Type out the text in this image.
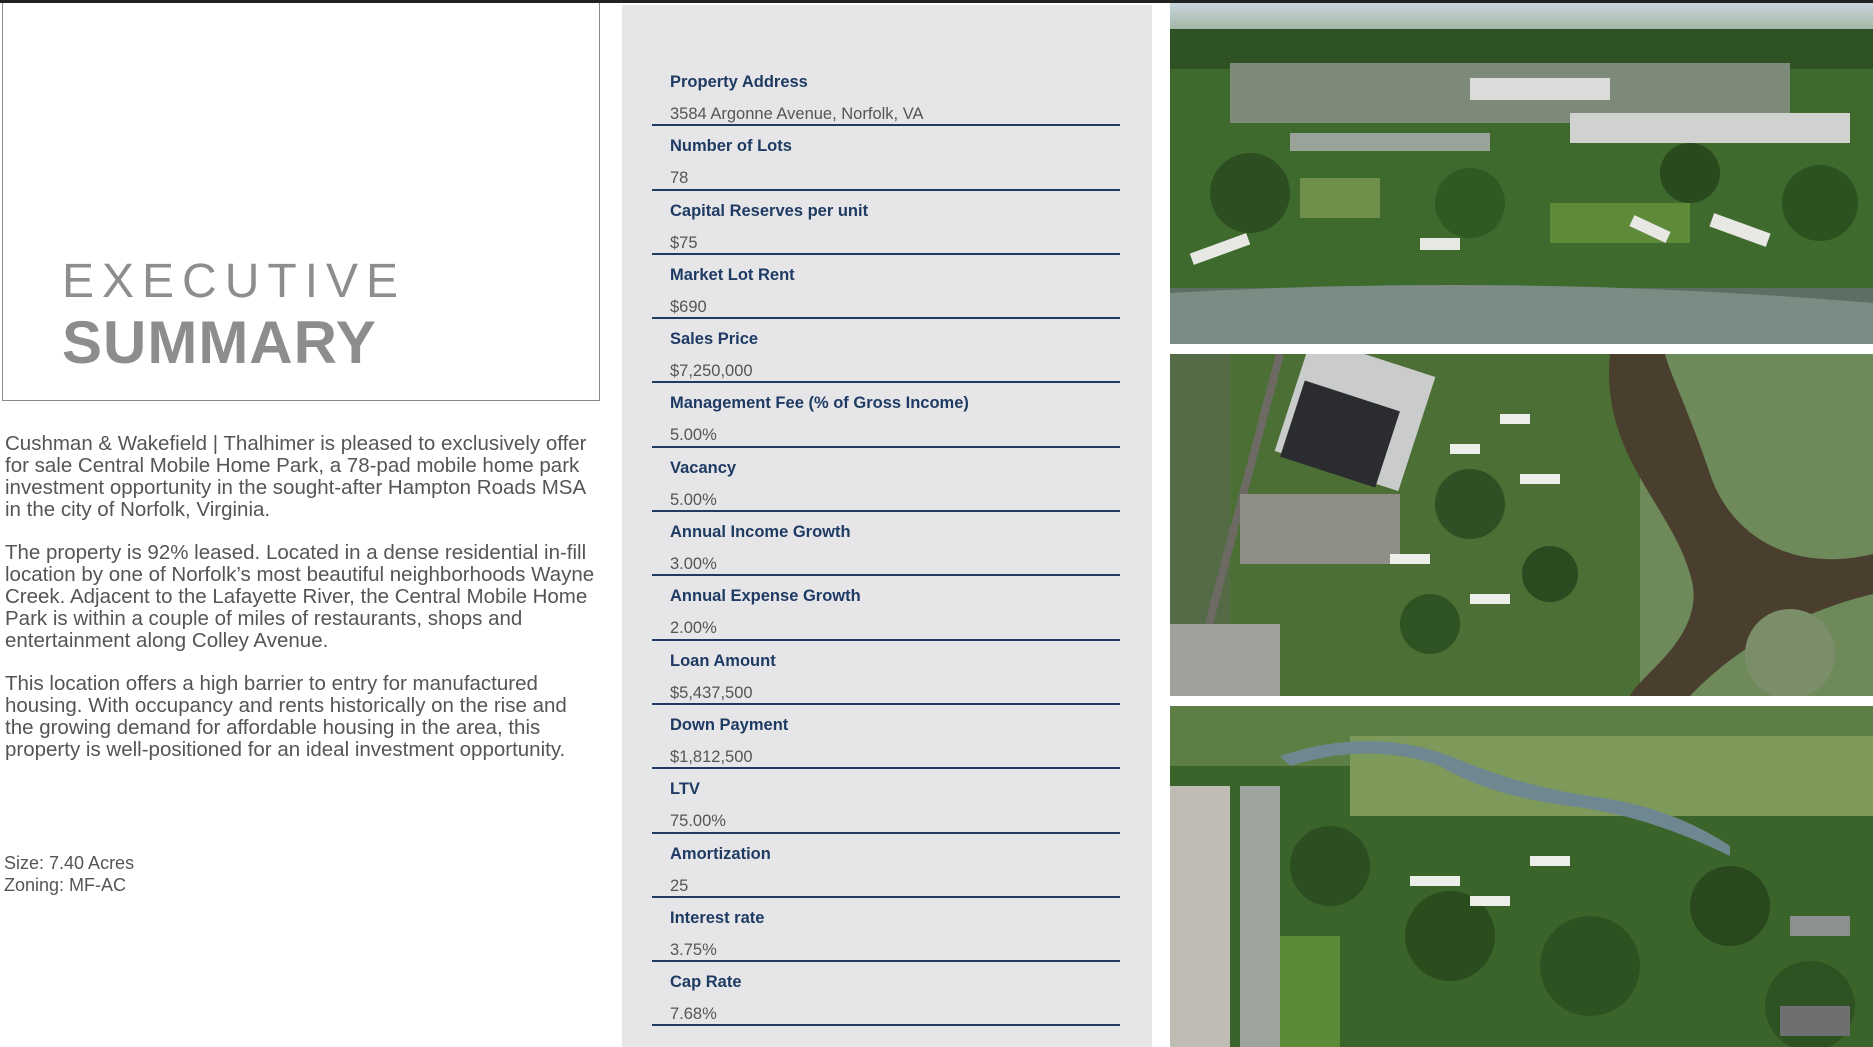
EXECUTIVE
SUMMARY

Cushman & Wakefield | Thalhimer is pleased to exclusively offer for sale Central Mobile Home Park, a 78-pad mobile home park investment opportunity in the sought-after Hampton Roads MSA in the city of Norfolk, Virginia.

The property is 92% leased. Located in a dense residential in-fill location by one of Norfolk’s most beautiful neighborhoods Wayne Creek. Adjacent to the Lafayette River, the Central Mobile Home Park is within a couple of miles of restaurants, shops and entertainment along Colley Avenue.

This location offers a high barrier to entry for manufactured housing. With occupancy and rents historically on the rise and the growing demand for affordable housing in the area, this property is well-positioned for an ideal investment opportunity.

Size: 7.40 Acres
Zoning: MF-AC
Property Address
3584 Argonne Avenue, Norfolk, VA
Number of Lots
78
Capital Reserves per unit
$75
Market Lot Rent
$690
Sales Price
$7,250,000
Management Fee (% of Gross Income)
5.00%
Vacancy
5.00%
Annual Income Growth
3.00%
Annual Expense Growth
2.00%
Loan Amount
$5,437,500
Down Payment
$1,812,500
LTV
75.00%
Amortization
25
Interest rate
3.75%
Cap Rate
7.68%
